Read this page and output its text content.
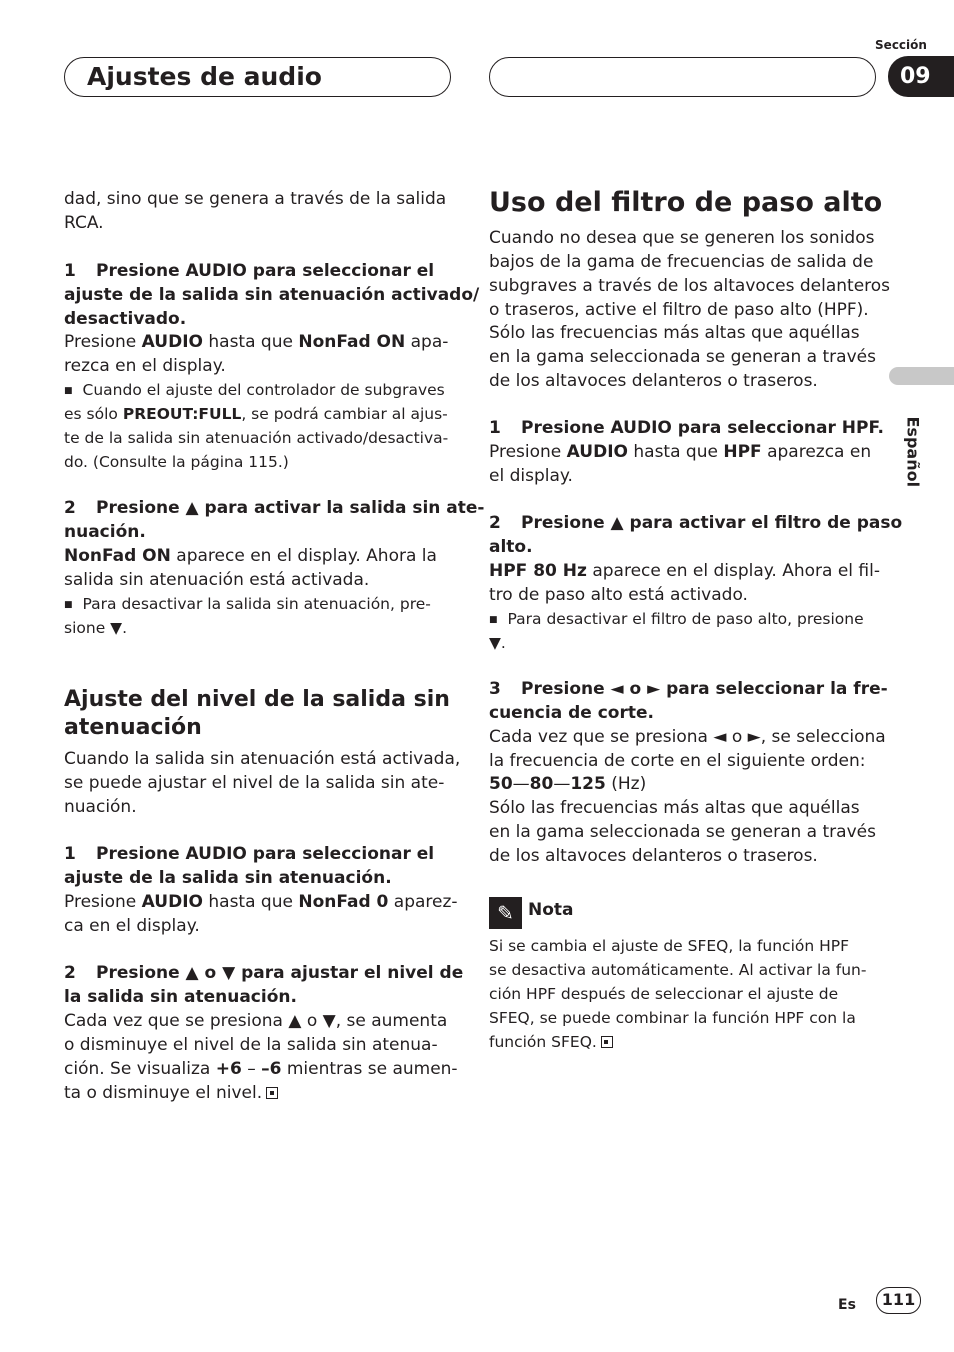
Ajustes de audio
Sección
09
Español
dad, sino que se genera a través de la salida
RCA.
1 Presione AUDIO para seleccionar el
ajuste de la salida sin atenuación activado/
desactivado.
Presione AUDIO hasta que NonFad ON apa-
rezca en el display.
■ Cuando el ajuste del controlador de subgraves
es sólo PREOUT:FULL, se podrá cambiar al ajus-
te de la salida sin atenuación activado/desactiva-
do. (Consulte la página 115.)
2 Presione ▲ para activar la salida sin ate-
nuación.
NonFad ON aparece en el display. Ahora la
salida sin atenuación está activada.
■ Para desactivar la salida sin atenuación, pre-
sione ▼.
Ajuste del nivel de la salida sin
atenuación
Cuando la salida sin atenuación está activada,
se puede ajustar el nivel de la salida sin ate-
nuación.
1 Presione AUDIO para seleccionar el
ajuste de la salida sin atenuación.
Presione AUDIO hasta que NonFad 0 aparez-
ca en el display.
2 Presione ▲ o ▼ para ajustar el nivel de
la salida sin atenuación.
Cada vez que se presiona ▲ o ▼, se aumenta
o disminuye el nivel de la salida sin atenua-
ción. Se visualiza +6 – –6 mientras se aumen-
ta o disminuye el nivel.
Uso del filtro de paso alto
Cuando no desea que se generen los sonidos
bajos de la gama de frecuencias de salida de
subgraves a través de los altavoces delanteros
o traseros, active el filtro de paso alto (HPF).
Sólo las frecuencias más altas que aquéllas
en la gama seleccionada se generan a través
de los altavoces delanteros o traseros.
1 Presione AUDIO para seleccionar HPF.
Presione AUDIO hasta que HPF aparezca en
el display.
2 Presione ▲ para activar el filtro de paso
alto.
HPF 80 Hz aparece en el display. Ahora el fil-
tro de paso alto está activado.
■ Para desactivar el filtro de paso alto, presione
▼.
3 Presione ◄ o ► para seleccionar la fre-
cuencia de corte.
Cada vez que se presiona ◄ o ►, se selecciona
la frecuencia de corte en el siguiente orden:
50—80—125 (Hz)
Sólo las frecuencias más altas que aquéllas
en la gama seleccionada se generan a través
de los altavoces delanteros o traseros.
✎ Nota
Si se cambia el ajuste de SFEQ, la función HPF
se desactiva automáticamente. Al activar la fun-
ción HPF después de seleccionar el ajuste de
SFEQ, se puede combinar la función HPF con la
función SFEQ.
Es	111
